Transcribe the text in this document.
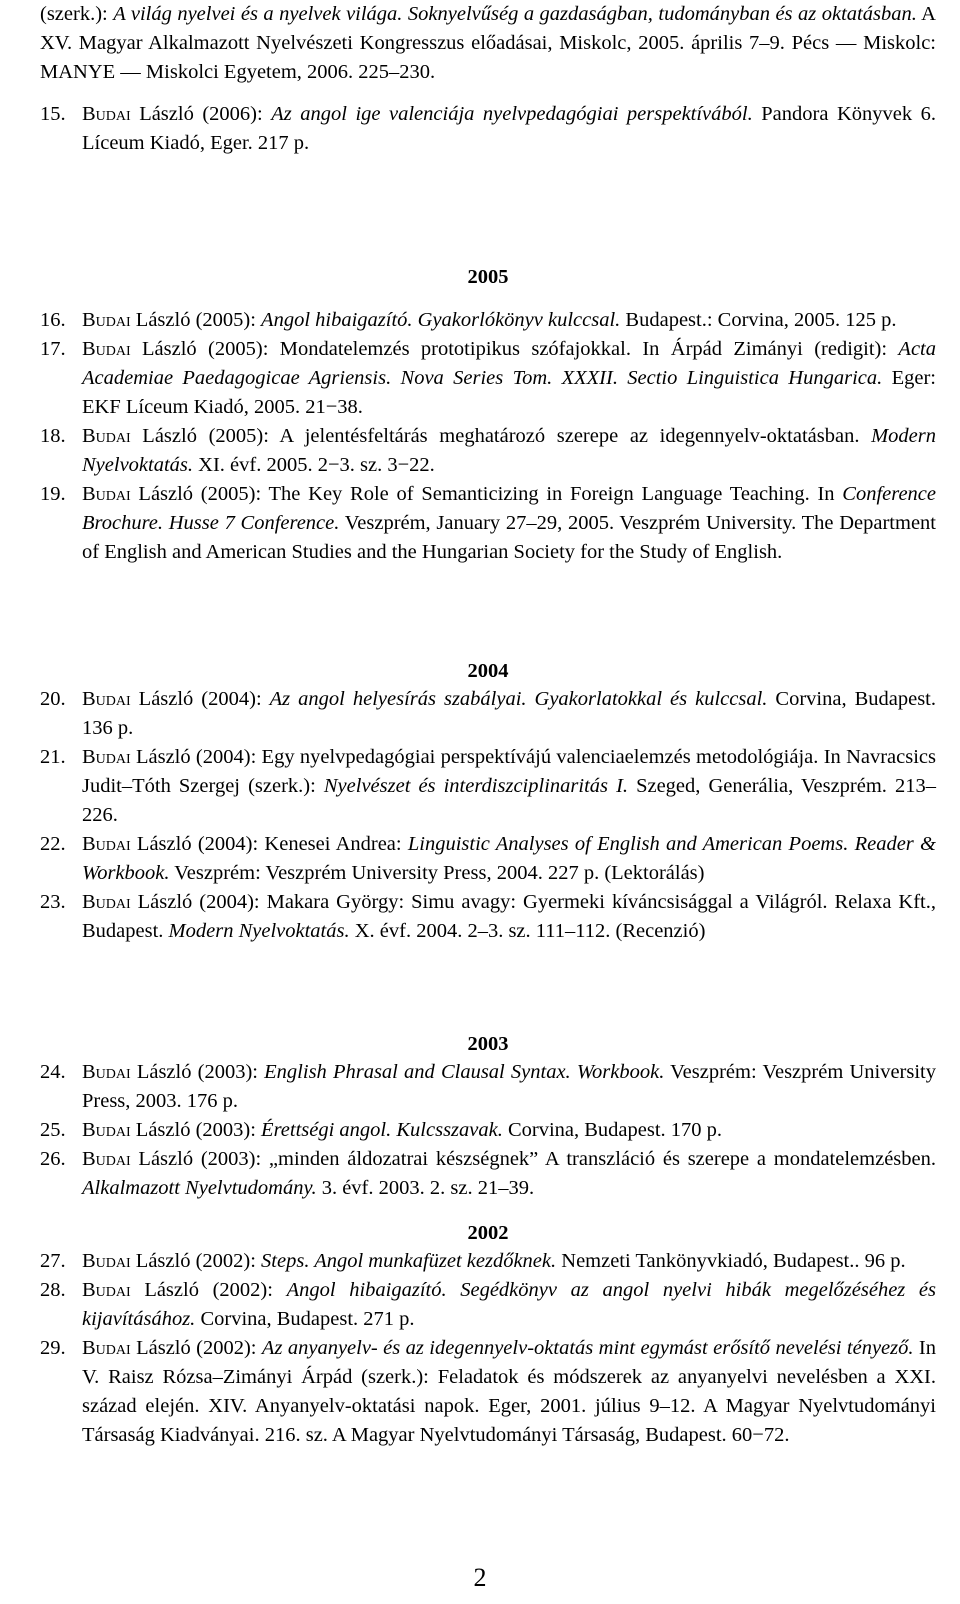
(szerk.): A világ nyelvei és a nyelvek világa. Soknyelvűség a gazdaságban, tudományban és az oktatásban. A XV. Magyar Alkalmazott Nyelvészeti Kongresszus előadásai, Miskolc, 2005. április 7–9. Pécs — Miskolc: MANYE — Miskolci Egyetem, 2006. 225–230.
15. Budai László (2006): Az angol ige valenciája nyelvpedagógiai perspektívából. Pandora Könyvek 6. Líceum Kiadó, Eger. 217 p.
2005
16. Budai László (2005): Angol hibaigazító. Gyakorlókönyv kulccsal. Budapest.: Corvina, 2005. 125 p.
17. Budai László (2005): Mondatelemzés prototipikus szófajokkal. In Árpád Zimányi (redigit): Acta Academiae Paedagogicae Agriensis. Nova Series Tom. XXXII. Sectio Linguistica Hungarica. Eger: EKF Líceum Kiadó, 2005. 21−38.
18. Budai László (2005): A jelentésfeltárás meghatározó szerepe az idegennyelv-oktatásban. Modern Nyelvoktatás. XI. évf. 2005. 2−3. sz. 3−22.
19. Budai László (2005): The Key Role of Semanticizing in Foreign Language Teaching. In Conference Brochure. Husse 7 Conference. Veszprém, January 27–29, 2005. Veszprém University. The Department of English and American Studies and the Hungarian Society for the Study of English.
2004
20. Budai László (2004): Az angol helyesírás szabályai. Gyakorlatokkal és kulccsal. Corvina, Budapest. 136 p.
21. Budai László (2004): Egy nyelvpedagógiai perspektívájú valenciaelemzés metodológiája. In Navracsics Judit–Tóth Szergej (szerk.): Nyelvészet és interdiszciplinaritás I. Szeged, Generália, Veszprém. 213–226.
22. Budai László (2004): Kenesei Andrea: Linguistic Analyses of English and American Poems. Reader & Workbook. Veszprém: Veszprém University Press, 2004. 227 p. (Lektorálás)
23. Budai László (2004): Makara György: Simu avagy: Gyermeki kíváncsisággal a Világról. Relaxa Kft., Budapest. Modern Nyelvoktatás. X. évf. 2004. 2–3. sz. 111–112. (Recenzió)
2003
24. Budai László (2003): English Phrasal and Clausal Syntax. Workbook. Veszprém: Veszprém University Press, 2003. 176 p.
25. Budai László (2003): Érettségi angol. Kulcsszavak. Corvina, Budapest. 170 p.
26. Budai László (2003): „minden áldozatrai készségnek” A transzláció és szerepe a mondatelemzésben. Alkalmazott Nyelvtudomány. 3. évf. 2003. 2. sz. 21–39.
2002
27. Budai László (2002): Steps. Angol munkafüzet kezdőknek. Nemzeti Tankönyvkiadó, Budapest.. 96 p.
28. Budai László (2002): Angol hibaigazító. Segédkönyv az angol nyelvi hibák megelőzéséhez és kijavításához. Corvina, Budapest. 271 p.
29. Budai László (2002): Az anyanyelv- és az idegennyelv-oktatás mint egymást erősítő nevelési tényező. In V. Raisz Rózsa–Zimányi Árpád (szerk.): Feladatok és módszerek az anyanyelvi nevelésben a XXI. század elején. XIV. Anyanyelv-oktatási napok. Eger, 2001. július 9–12. A Magyar Nyelvtudományi Társaság Kiadványai. 216. sz. A Magyar Nyelvtudományi Társaság, Budapest. 60−72.
2
